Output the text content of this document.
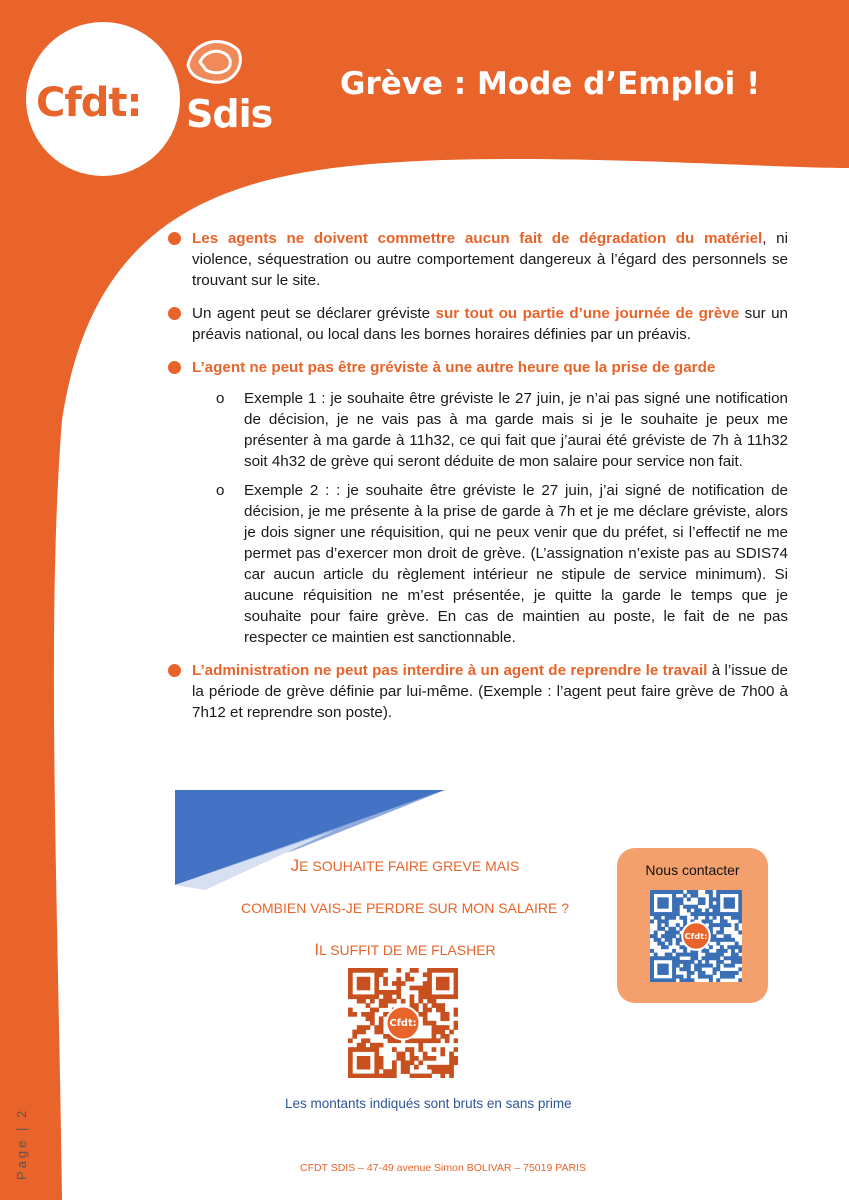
Cfdt: Sdis
Grève : Mode d’Emploi !
Les agents ne doivent commettre aucun fait de dégradation du matériel, ni violence, séquestration ou autre comportement dangereux à l’égard des personnels se trouvant sur le site.
Un agent peut se déclarer gréviste sur tout ou partie d’une journée de grève sur un préavis national, ou local dans les bornes horaires définies par un préavis.
L’agent ne peut pas être gréviste à une autre heure que la prise de garde
o Exemple 1 : je souhaite être gréviste le 27 juin, je n’ai pas signé une notification de décision, je ne vais pas à ma garde mais si je le souhaite je peux me présenter à ma garde à 11h32, ce qui fait que j’aurai été gréviste de 7h à 11h32 soit 4h32 de grève qui seront déduite de mon salaire pour service non fait.
o Exemple 2 : : je souhaite être gréviste le 27 juin, j’ai signé de notification de décision, je me présente à la prise de garde à 7h et je me déclare gréviste, alors je dois signer une réquisition, qui ne peux venir que du préfet, si l’effectif ne me permet pas d’exercer mon droit de grève. (L’assignation n’existe pas au SDIS74 car aucun article du règlement intérieur ne stipule de service minimum). Si aucune réquisition ne m’est présentée, je quitte la garde le temps que je souhaite pour faire grève. En cas de maintien au poste, le fait de ne pas respecter ce maintien est sanctionnable.
L’administration ne peut pas interdire à un agent de reprendre le travail à l’issue de la période de grève définie par lui-même. (Exemple : l’agent peut faire grève de 7h00 à 7h12 et reprendre son poste).

JE SOUHAITE FAIRE GREVE MAIS

COMBIEN VAIS-JE PERDRE SUR MON SALAIRE ?

IL SUFFIT DE ME FLASHER

Cfdt:
Nous contacter
Cfdt:
Les montants indiqués sont bruts en sans prime
Page | 2	CFDT SDIS – 47-49 avenue Simon BOLIVAR – 75019 PARIS
